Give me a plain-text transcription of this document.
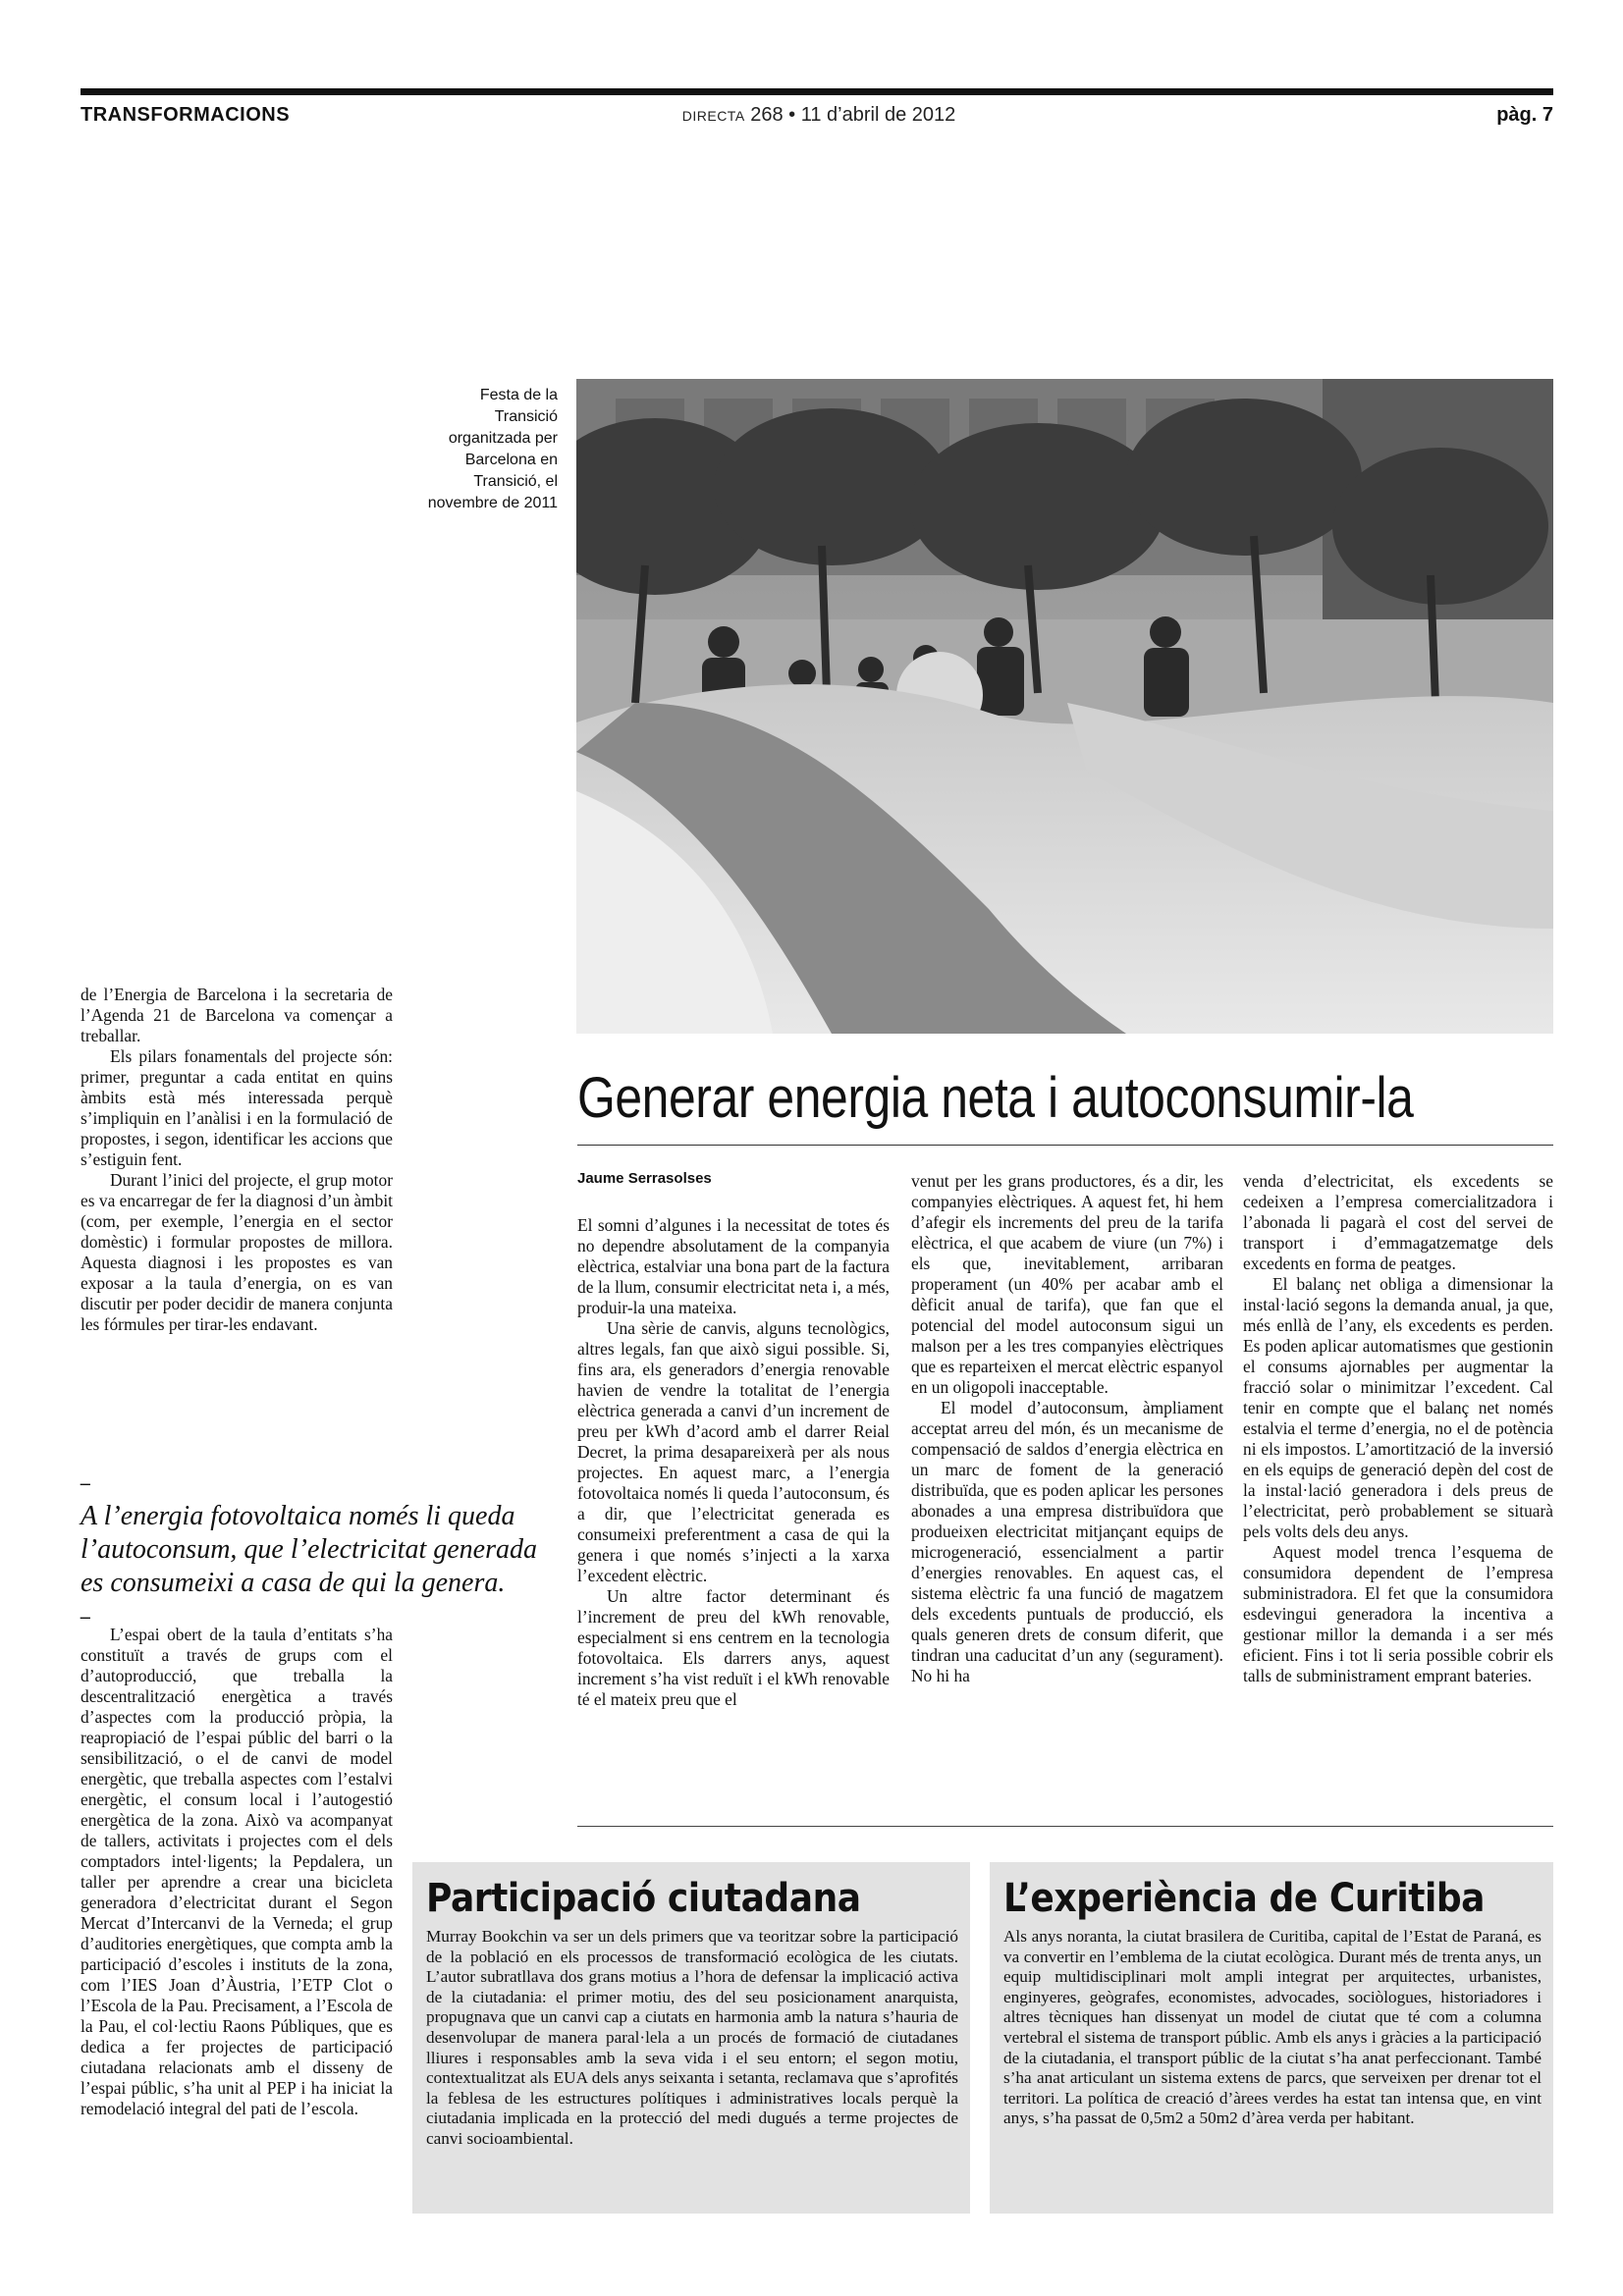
TRANSFORMACIONS	DIRECTA 268 • 11 d’abril de 2012	pàg. 7
Festa de la
Transició
organitzada per
Barcelona en
Transició, el
novembre de 2011
Generar energia neta i autoconsumir-la
Jaume Serrasolses

de l’Energia de Barcelona i la secretaria de l’Agenda 21 de Barcelona va començar a treballar.

Els pilars fonamentals del projecte són: primer, preguntar a cada entitat en quins àmbits està més interessada perquè s’impliquin en l’anàlisi i en la formulació de propostes, i segon, identificar les accions que s’estiguin fent.

Durant l’inici del projecte, el grup motor es va encarregar de fer la diagnosi d’un àmbit (com, per exemple, l’energia en el sector domèstic) i formular propostes de millora. Aquesta diagnosi i les propostes es van exposar a la taula d’energia, on es van discutir per poder decidir de manera conjunta les fórmules per tirar-les endavant.

–
A l’energia fotovoltaica només li queda l’autoconsum, que l’electricitat generada es consumeixi a casa de qui la genera.
–

L’espai obert de la taula d’entitats s’ha constituït a través de grups com el d’autoproducció, que treballa la descentralització energètica a través d’aspectes com la producció pròpia, la reapropiació de l’espai públic del barri o la sensibilització, o el de canvi de model energètic, que treballa aspectes com l’estalvi energètic, el consum local i l’autogestió energètica de la zona. Això va acompanyat de tallers, activitats i projectes com el dels comptadors intel·ligents; la Pepdalera, un taller per aprendre a crear una bicicleta generadora d’electricitat durant el Segon Mercat d’Intercanvi de la Verneda; el grup d’auditories energètiques, que compta amb la participació d’escoles i instituts de la zona, com l’IES Joan d’Àustria, l’ETP Clot o l’Escola de la Pau. Precisament, a l’Escola de la Pau, el col·lectiu Raons Públiques, que es dedica a fer projectes de participació ciutadana relacionats amb el disseny de l’espai públic, s’ha unit al PEP i ha iniciat la remodelació integral del pati de l’escola.

El somni d’algunes i la necessitat de totes és no dependre absolutament de la companyia elèctrica, estalviar una bona part de la factura de la llum, consumir electricitat neta i, a més, produir-la una mateixa.

Una sèrie de canvis, alguns tecnològics, altres legals, fan que això sigui possible. Si, fins ara, els generadors d’energia renovable havien de vendre la totalitat de l’energia elèctrica generada a canvi d’un increment de preu per kWh d’acord amb el darrer Reial Decret, la prima desapareixerà per als nous projectes. En aquest marc, a l’energia fotovoltaica només li queda l’autoconsum, és a dir, que l’electricitat generada es consumeixi preferentment a casa de qui la genera i que només s’injecti a la xarxa l’excedent elèctric.

Un altre factor determinant és l’increment de preu del kWh renovable, especialment si ens centrem en la tecnologia fotovoltaica. Els darrers anys, aquest increment s’ha vist reduït i el kWh renovable té el mateix preu que el

venut per les grans productores, és a dir, les companyies elèctriques. A aquest fet, hi hem d’afegir els increments del preu de la tarifa elèctrica, el que acabem de viure (un 7%) i els que, inevitablement, arribaran properament (un 40% per acabar amb el dèficit anual de tarifa), que fan que el potencial del model autoconsum sigui un malson per a les tres companyies elèctriques que es reparteixen el mercat elèctric espanyol en un oligopoli inacceptable.

El model d’autoconsum, àmpliament acceptat arreu del món, és un mecanisme de compensació de saldos d’energia elèctrica en un marc de foment de la generació distribuïda, que es poden aplicar les persones abonades a una empresa distribuïdora que produeixen electricitat mitjançant equips de microgeneració, essencialment a partir d’energies renovables. En aquest cas, el sistema elèctric fa una funció de magatzem dels excedents puntuals de producció, els quals generen drets de consum diferit, que tindran una caducitat d’un any (segurament). No hi ha

venda d’electricitat, els excedents se cedeixen a l’empresa comercialitzadora i l’abonada li pagarà el cost del servei de transport i d’emmagatzematge dels excedents en forma de peatges.

El balanç net obliga a dimensionar la instal·lació segons la demanda anual, ja que, més enllà de l’any, els excedents es perden. Es poden aplicar automatismes que gestionin el consums ajornables per augmentar la fracció solar o minimitzar l’excedent. Cal tenir en compte que el balanç net només estalvia el terme d’energia, no el de potència ni els impostos. L’amortització de la inversió en els equips de generació depèn del cost de la instal·lació generadora i dels preus de l’electricitat, però probablement se situarà pels volts dels deu anys.

Aquest model trenca l’esquema de consumidora dependent de l’empresa subministradora. El fet que la consumidora esdevingui generadora la incentiva a gestionar millor la demanda i a ser més eficient. Fins i tot li seria possible cobrir els talls de subministrament emprant bateries.

Participació ciutadana
Murray Bookchin va ser un dels primers que va teoritzar sobre la participació de la població en els processos de transformació ecològica de les ciutats. L’autor subratllava dos grans motius a l’hora de defensar la implicació activa de la ciutadania: el primer motiu, des del seu posicionament anarquista, propugnava que un canvi cap a ciutats en harmonia amb la natura s’hauria de desenvolupar de manera paral·lela a un procés de formació de ciutadanes lliures i responsables amb la seva vida i el seu entorn; el segon motiu, contextualitzat als EUA dels anys seixanta i setanta, reclamava que s’aprofités la feblesa de les estructures polítiques i administratives locals perquè la ciutadania implicada en la protecció del medi dugués a terme projectes de canvi socioambiental.
L’experiència de Curitiba
Als anys noranta, la ciutat brasilera de Curitiba, capital de l’Estat de Paraná, es va convertir en l’emblema de la ciutat ecològica. Durant més de trenta anys, un equip multidisciplinari molt ampli integrat per arquitectes, urbanistes, enginyeres, geògrafes, economistes, advocades, sociòlogues, historiadores i altres tècniques han dissenyat un model de ciutat que té com a columna vertebral el sistema de transport públic. Amb els anys i gràcies a la participació de la ciutadania, el transport públic de la ciutat s’ha anat perfeccionant. També s’ha anat articulant un sistema extens de parcs, que serveixen per drenar tot el territori. La política de creació d’àrees verdes ha estat tan intensa que, en vint anys, s’ha passat de 0,5m2 a 50m2 d’àrea verda per habitant.
